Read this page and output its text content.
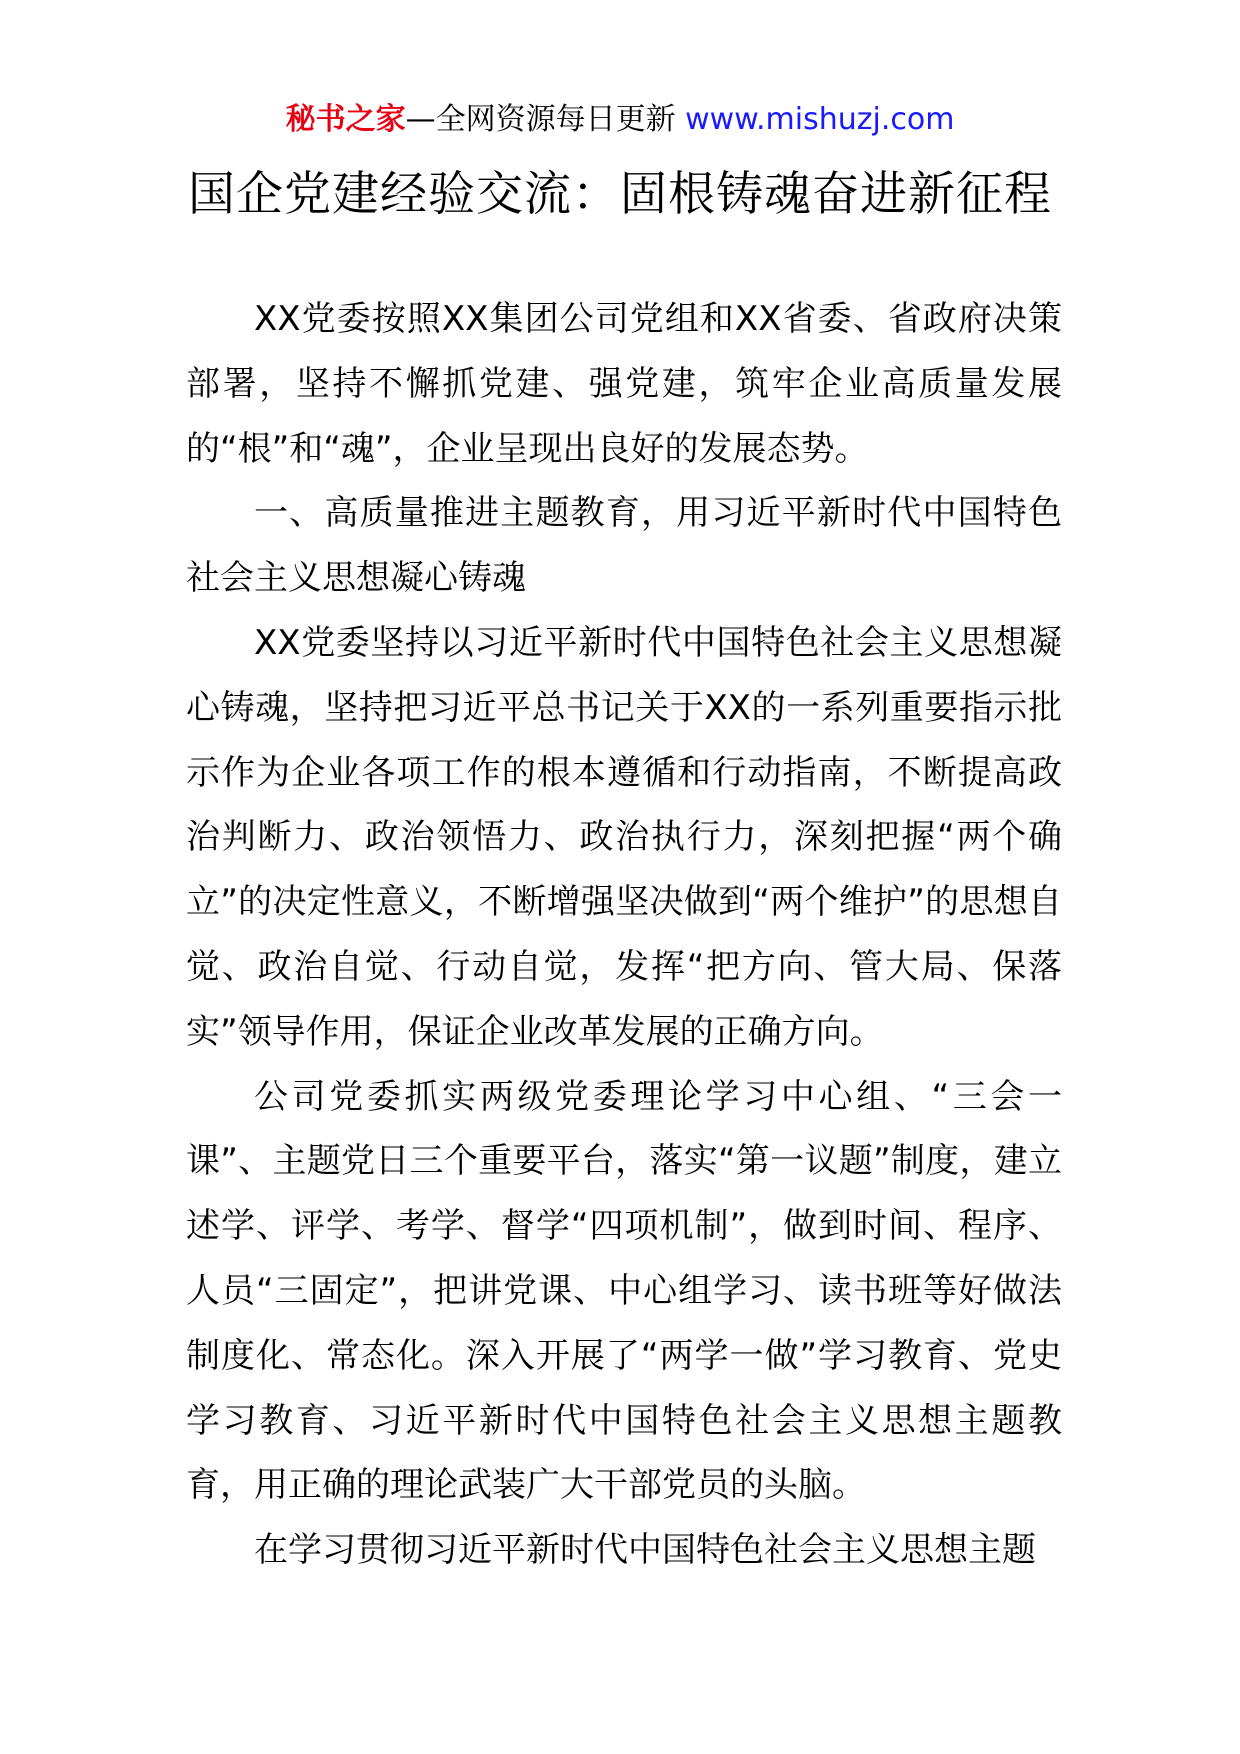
秘书之家—全网资源每日更新 www.mishuzj.com
国企党建经验交流：固根铸魂奋进新征程

XX党委按照XX集团公司党组和XX省委、省政府决策部署，坚持不懈抓党建、强党建，筑牢企业高质量发展的“根”和“魂”，企业呈现出良好的发展态势。

一、高质量推进主题教育，用习近平新时代中国特色社会主义思想凝心铸魂

XX党委坚持以习近平新时代中国特色社会主义思想凝心铸魂，坚持把习近平总书记关于XX的一系列重要指示批示作为企业各项工作的根本遵循和行动指南，不断提高政治判断力、政治领悟力、政治执行力，深刻把握“两个确立”的决定性意义，不断增强坚决做到“两个维护”的思想自觉、政治自觉、行动自觉，发挥“把方向、管大局、保落实”领导作用，保证企业改革发展的正确方向。

公司党委抓实两级党委理论学习中心组、“三会一课”、主题党日三个重要平台，落实“第一议题”制度，建立述学、评学、考学、督学“四项机制”，做到时间、程序、人员“三固定”，把讲党课、中心组学习、读书班等好做法制度化、常态化。深入开展了“两学一做”学习教育、党史学习教育、习近平新时代中国特色社会主义思想主题教育，用正确的理论武装广大干部党员的头脑。

在学习贯彻习近平新时代中国特色社会主义思想主题
